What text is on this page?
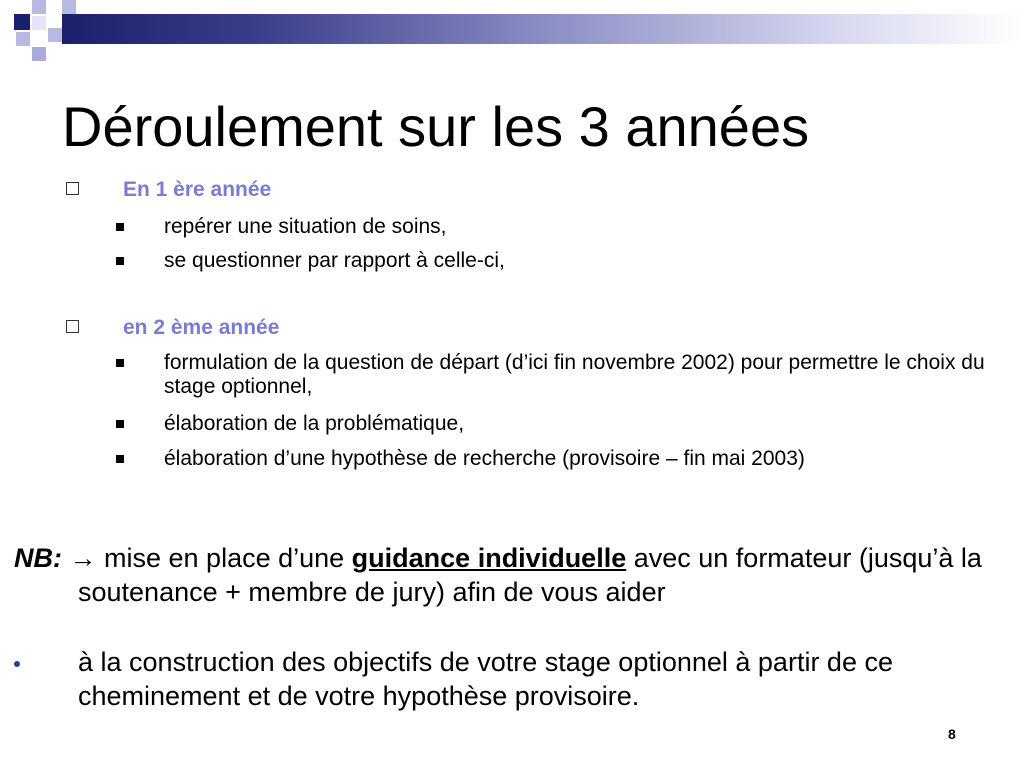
Déroulement sur les 3 années
En 1 ère année
repérer une situation de soins,
se questionner par rapport à celle-ci,
en 2 ème année
formulation de la question de départ (d’ici fin novembre 2002) pour permettre le choix du stage optionnel,
élaboration de la problématique,
élaboration d’une hypothèse de recherche (provisoire – fin mai 2003)
NB: → mise en place d’une guidance individuelle avec un formateur (jusqu’à la soutenance + membre de jury) afin de vous aider
à la construction des objectifs de votre stage optionnel à partir de ce cheminement et de votre hypothèse provisoire.
8
